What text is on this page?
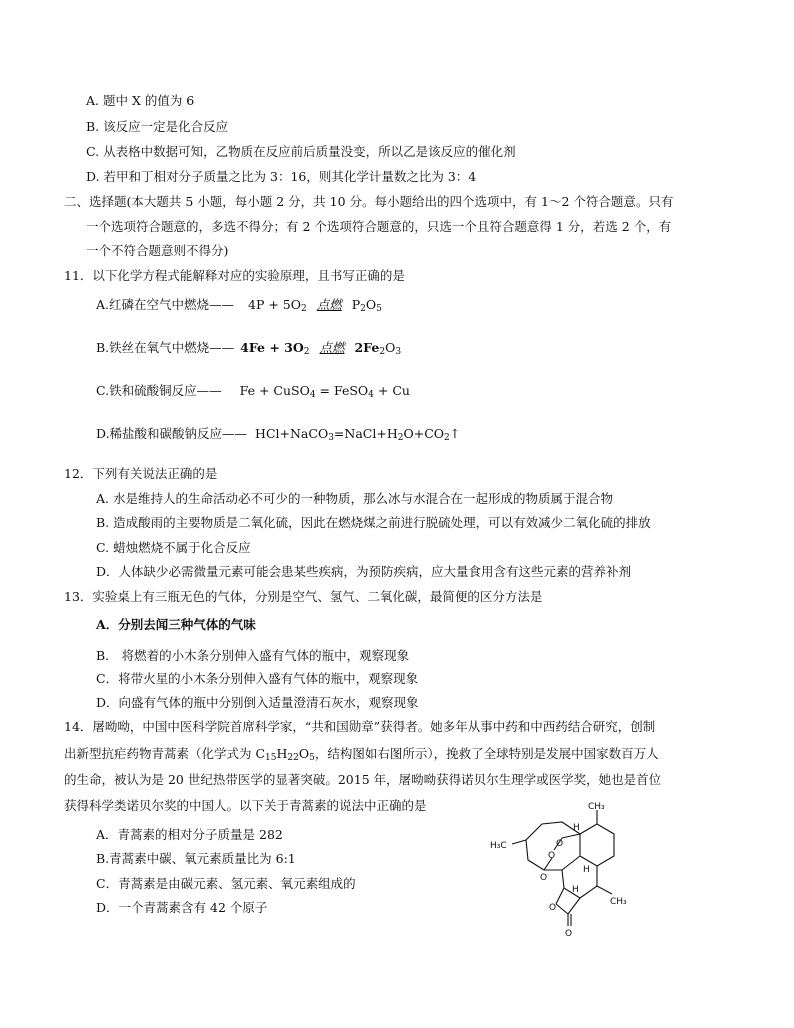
A. 题中 X 的值为 6
B. 该反应一定是化合反应
C. 从表格中数据可知，乙物质在反应前后质量没变，所以乙是该反应的催化剂
D. 若甲和丁相对分子质量之比为 3：16，则其化学计量数之比为 3：4
二、选择题(本大题共 5 小题，每小题 2 分，共 10 分。每小题给出的四个选项中，有 1～2 个符合题意。只有
一个选项符合题意的，多选不得分；有 2 个选项符合题意的，只选一个且符合题意得 1 分，若选 2 个，有
一个不符合题意则不得分)
11．以下化学方程式能解释对应的实验原理，且书写正确的是
A.红磷在空气中燃烧—— $4P + 5O_2$ 点燃 $P_2O_5$
B.铁丝在氧气中燃烧—— $4Fe + 3O_2$ 点燃 $2Fe_2O_3$
C.铁和硫酸铜反应—— Fe + CuSO$_4$ = FeSO$_4$ + Cu
D.稀盐酸和碳酸钠反应—— $HCl+NaCO_3=NaCl+H_2O+CO_2↑$
12．下列有关说法正确的是
A. 水是维持人的生命活动必不可少的一种物质，那么冰与水混合在一起形成的物质属于混合物
B. 造成酸雨的主要物质是二氧化硫，因此在燃烧煤之前进行脱硫处理，可以有效减少二氧化硫的排放
C. 蜡烛燃烧不属于化合反应
D．人体缺少必需微量元素可能会患某些疾病，为预防疾病，应大量食用含有这些元素的营养补剂
13．实验桌上有三瓶无色的气体，分别是空气、氢气、二氧化碳，最简便的区分方法是
A．分别去闻三种气体的气味
B． 将燃着的小木条分别伸入盛有气体的瓶中，观察现象
C．将带火星的小木条分别伸入盛有气体的瓶中，观察现象
D．向盛有气体的瓶中分别倒入适量澄清石灰水，观察现象
14．屠呦呦，中国中医科学院首席科学家，“共和国勋章”获得者。她多年从事中药和中西药结合研究，创制
出新型抗疟药物青蒿素（化学式为 $C_{15}H_{22}O_5$，结构图如右图所示），挽救了全球特别是发展中国家数百万人
的生命，被认为是 20 世纪热带医学的显著突破。2015 年，屠呦呦获得诺贝尔生理学或医学奖，她也是首位
获得科学类诺贝尔奖的中国人。以下关于青蒿素的说法中正确的是
A．青蒿素的相对分子质量是 282
B.青蒿素中碳、氧元素质量比为 6:1
C．青蒿素是由碳元素、氢元素、氧元素组成的
D．一个青蒿素含有 42 个原子
H
H
H
O
O
O
O
O
CH₃
H₃C
CH₃
